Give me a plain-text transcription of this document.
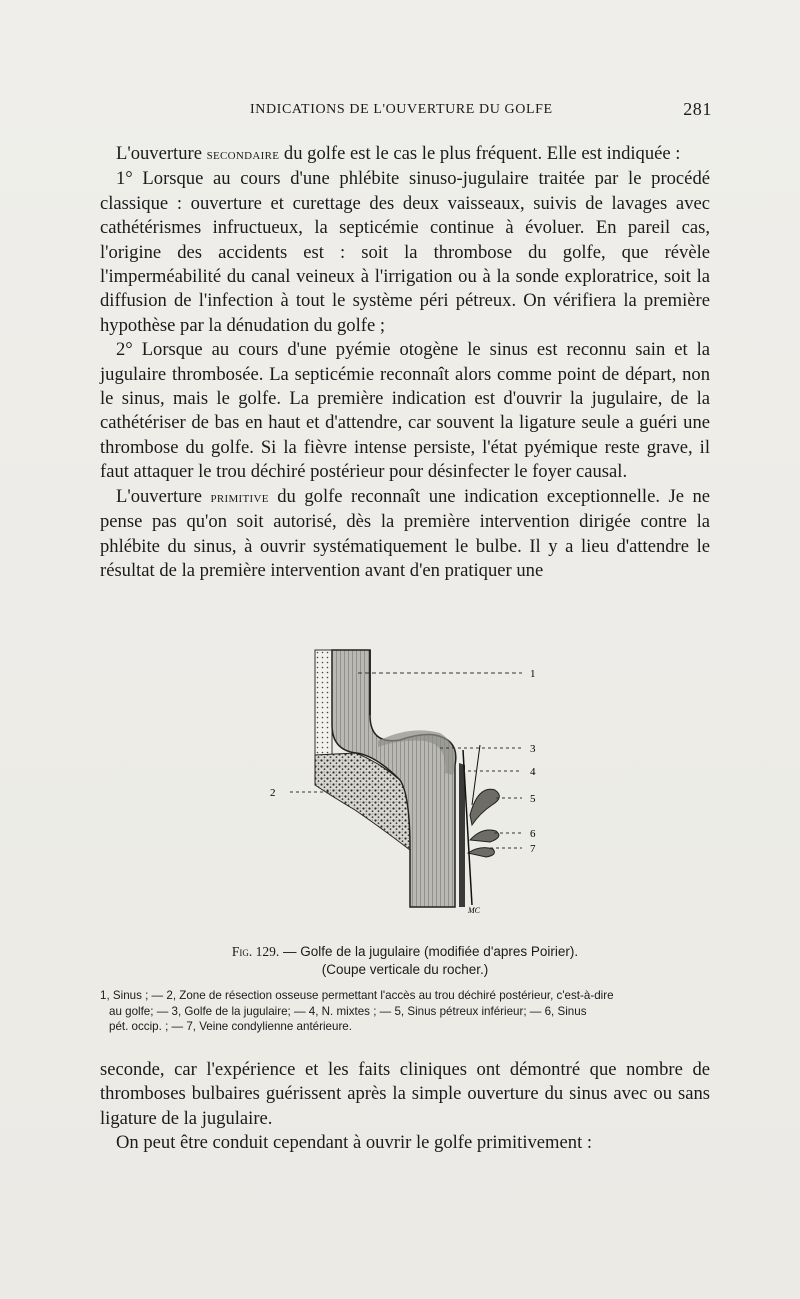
INDICATIONS DE L'OUVERTURE DU GOLFE	281

L'ouverture secondaire du golfe est le cas le plus fréquent. Elle est indiquée :

1° Lorsque au cours d'une phlébite sinuso-jugulaire traitée par le procédé classique : ouverture et curettage des deux vaisseaux, suivis de lavages avec cathétérismes infructueux, la septicémie continue à évoluer. En pareil cas, l'origine des accidents est : soit la thrombose du golfe, que révèle l'imperméabilité du canal veineux à l'irrigation ou à la sonde exploratrice, soit la diffusion de l'infection à tout le système péri pétreux. On vérifiera la première hypothèse par la dénudation du golfe ;

2° Lorsque au cours d'une pyémie otogène le sinus est reconnu sain et la jugulaire thrombosée. La septicémie reconnaît alors comme point de départ, non le sinus, mais le golfe. La première indication est d'ouvrir la jugulaire, de la cathétériser de bas en haut et d'attendre, car souvent la ligature seule a guéri une thrombose du golfe. Si la fièvre intense persiste, l'état pyémique reste grave, il faut attaquer le trou déchiré postérieur pour désinfecter le foyer causal.

L'ouverture primitive du golfe reconnaît une indication exceptionnelle. Je ne pense pas qu'on soit autorisé, dès la première intervention dirigée contre la phlébite du sinus, à ouvrir systématiquement le bulbe. Il y a lieu d'attendre le résultat de la première intervention avant d'en pratiquer une

1
2
3
4
5
6
7
MC
Fig. 129. — Golfe de la jugulaire (modifiée d'apres Poirier).
(Coupe verticale du rocher.)
1, Sinus ; — 2, Zone de résection osseuse permettant l'accès au trou déchiré postérieur, c'est-à-dire
au golfe; — 3, Golfe de la jugulaire; — 4, N. mixtes ; — 5, Sinus pétreux inférieur; — 6, Sinus
pét. occip. ; — 7, Veine condylienne antérieure.

seconde, car l'expérience et les faits cliniques ont démontré que nombre de thromboses bulbaires guérissent après la simple ouverture du sinus avec ou sans ligature de la jugulaire.

On peut être conduit cependant à ouvrir le golfe primitivement :
